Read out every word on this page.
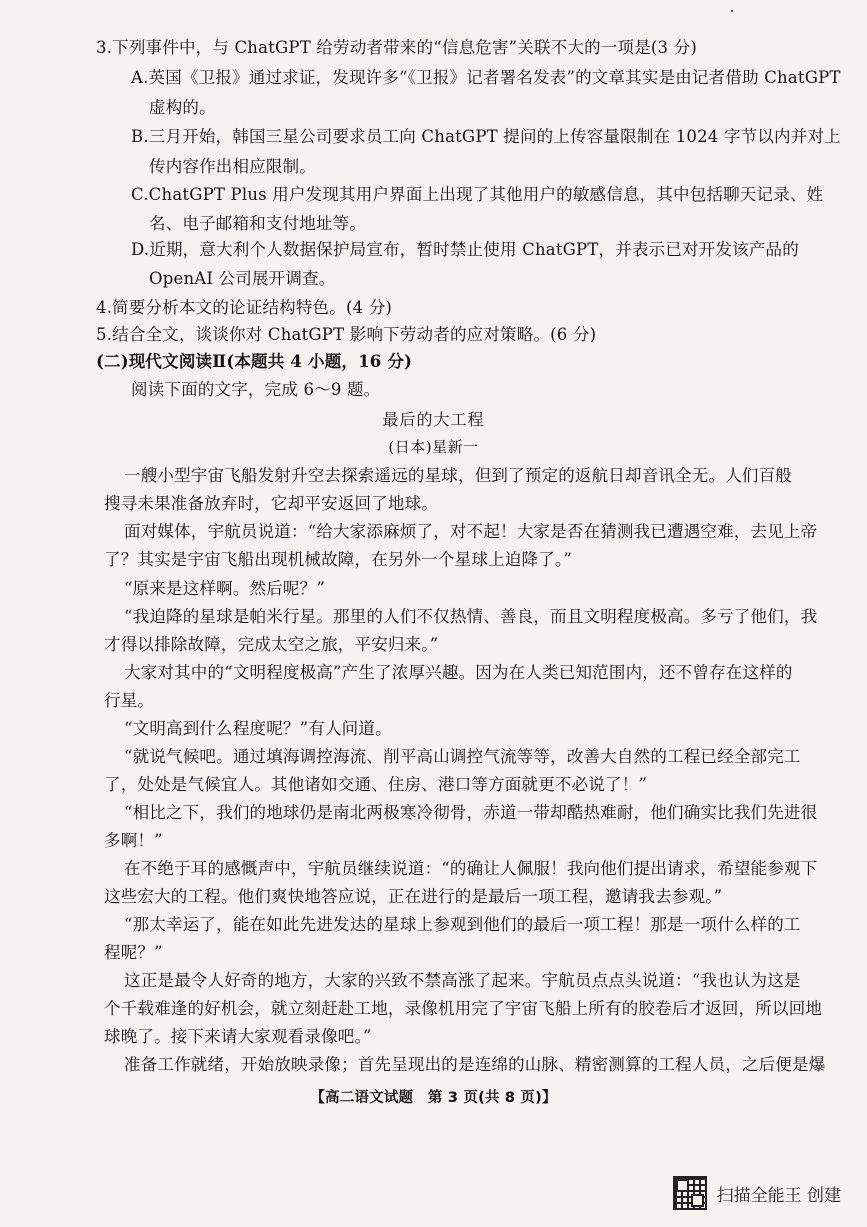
3.下列事件中，与 ChatGPT 给劳动者带来的“信息危害”关联不大的一项是(3 分)
A.英国《卫报》通过求证，发现许多“《卫报》记者署名发表”的文章其实是由记者借助 ChatGPT
虚构的。
B.三月开始，韩国三星公司要求员工向 ChatGPT 提问的上传容量限制在 1024 字节以内并对上
传内容作出相应限制。
C.ChatGPT Plus 用户发现其用户界面上出现了其他用户的敏感信息，其中包括聊天记录、姓
名、电子邮箱和支付地址等。
D.近期，意大利个人数据保护局宣布，暂时禁止使用 ChatGPT，并表示已对开发该产品的
OpenAI 公司展开调查。
4.简要分析本文的论证结构特色。(4 分)
5.结合全文，谈谈你对 ChatGPT 影响下劳动者的应对策略。(6 分)
(二)现代文阅读Ⅱ(本题共 4 小题，16 分)
阅读下面的文字，完成 6～9 题。
最后的大工程
(日本)星新一
一艘小型宇宙飞船发射升空去探索遥远的星球，但到了预定的返航日却音讯全无。人们百般
搜寻未果准备放弃时，它却平安返回了地球。
面对媒体，宇航员说道：“给大家添麻烦了，对不起！大家是否在猜测我已遭遇空难，去见上帝
了？其实是宇宙飞船出现机械故障，在另外一个星球上迫降了。”
“原来是这样啊。然后呢？”
“我迫降的星球是帕米行星。那里的人们不仅热情、善良，而且文明程度极高。多亏了他们，我
才得以排除故障，完成太空之旅，平安归来。”
大家对其中的“文明程度极高”产生了浓厚兴趣。因为在人类已知范围内，还不曾存在这样的
行星。
“文明高到什么程度呢？”有人问道。
“就说气候吧。通过填海调控海流、削平高山调控气流等等，改善大自然的工程已经全部完工
了，处处是气候宜人。其他诸如交通、住房、港口等方面就更不必说了！”
“相比之下，我们的地球仍是南北两极寒冷彻骨，赤道一带却酷热难耐，他们确实比我们先进很
多啊！”
在不绝于耳的感慨声中，宇航员继续说道：“的确让人佩服！我向他们提出请求，希望能参观下
这些宏大的工程。他们爽快地答应说，正在进行的是最后一项工程，邀请我去参观。”
“那太幸运了，能在如此先进发达的星球上参观到他们的最后一项工程！那是一项什么样的工
程呢？”
这正是最令人好奇的地方，大家的兴致不禁高涨了起来。宇航员点点头说道：“我也认为这是
个千载难逢的好机会，就立刻赶赴工地，录像机用完了宇宙飞船上所有的胶卷后才返回，所以回地
球晚了。接下来请大家观看录像吧。”
准备工作就绪，开始放映录像；首先呈现出的是连绵的山脉、精密测算的工程人员，之后便是爆
【高二语文试题　第 3 页(共 8 页)】
扫描全能王 创建
